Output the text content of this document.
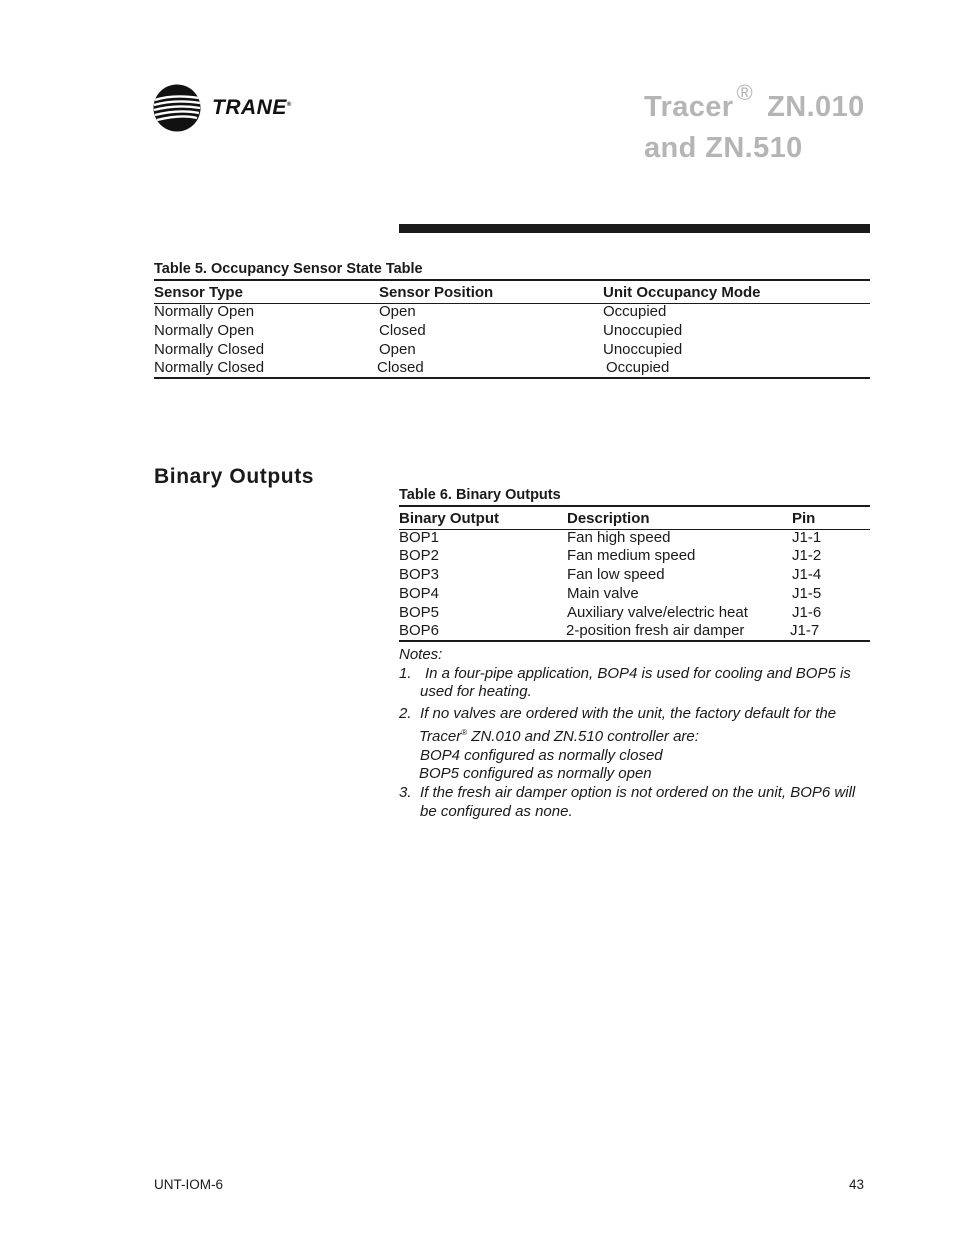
TRANE®	Tracer ® ZN.010
and ZN.510
Table 5. Occupancy Sensor State Table
Sensor Type	Sensor Position	Unit Occupancy Mode
Normally Open	Open	Occupied
Normally Open	Closed	Unoccupied
Normally Closed	Open	Unoccupied
Normally Closed	Closed	Occupied
Binary Outputs
Table 6. Binary Outputs
Binary Output	Description	Pin
BOP1	Fan high speed	J1-1
BOP2	Fan medium speed	J1-2
BOP3	Fan low speed	J1-4
BOP4	Main valve	J1-5
BOP5	Auxiliary valve/electric heat	J1-6
BOP6	2-position fresh air damper	J1-7
Notes:
1. In a four-pipe application, BOP4 is used for cooling and BOP5 is
used for heating.
2. If no valves are ordered with the unit, the factory default for the
Tracer® ZN.010 and ZN.510 controller are:
BOP4 configured as normally closed
BOP5 configured as normally open
3. If the fresh air damper option is not ordered on the unit, BOP6 will
be configured as none.
UNT-IOM-6	43
